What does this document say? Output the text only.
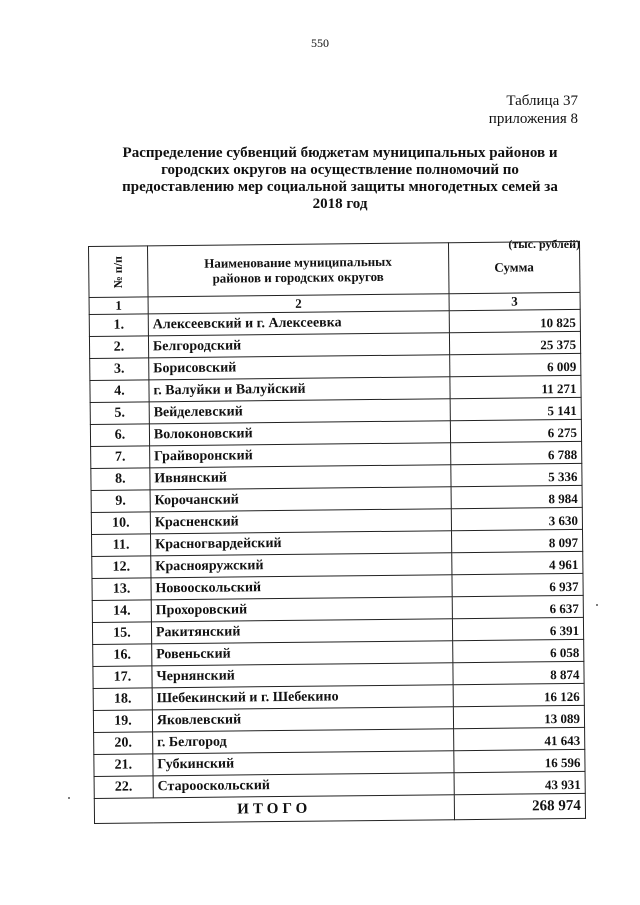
550
Таблица 37
приложения 8
Распределение субвенций бюджетам муниципальных районов и
городских округов на осуществление полномочий по
предоставлению мер социальной защиты многодетных семей за
2018 год
(тыс. рублей)
№ п/п	Наименование муниципальных
районов и городских округов	Сумма
1	2	3
1.	Алексеевский и г. Алексеевка	10 825
2.	Белгородский	25 375
3.	Борисовский	6 009
4.	г. Валуйки и Валуйский	11 271
5.	Вейделевский	5 141
6.	Волоконовский	6 275
7.	Грайворонский	6 788
8.	Ивнянский	5 336
9.	Корочанский	8 984
10.	Красненский	3 630
11.	Красногвардейский	8 097
12.	Краснояружский	4 961
13.	Новооскольский	6 937
14.	Прохоровский	6 637
15.	Ракитянский	6 391
16.	Ровеньский	6 058
17.	Чернянский	8 874
18.	Шебекинский и г. Шебекино	16 126
19.	Яковлевский	13 089
20.	г. Белгород	41 643
21.	Губкинский	16 596
22.	Старооскольский	43 931
ИТОГО		268 974
